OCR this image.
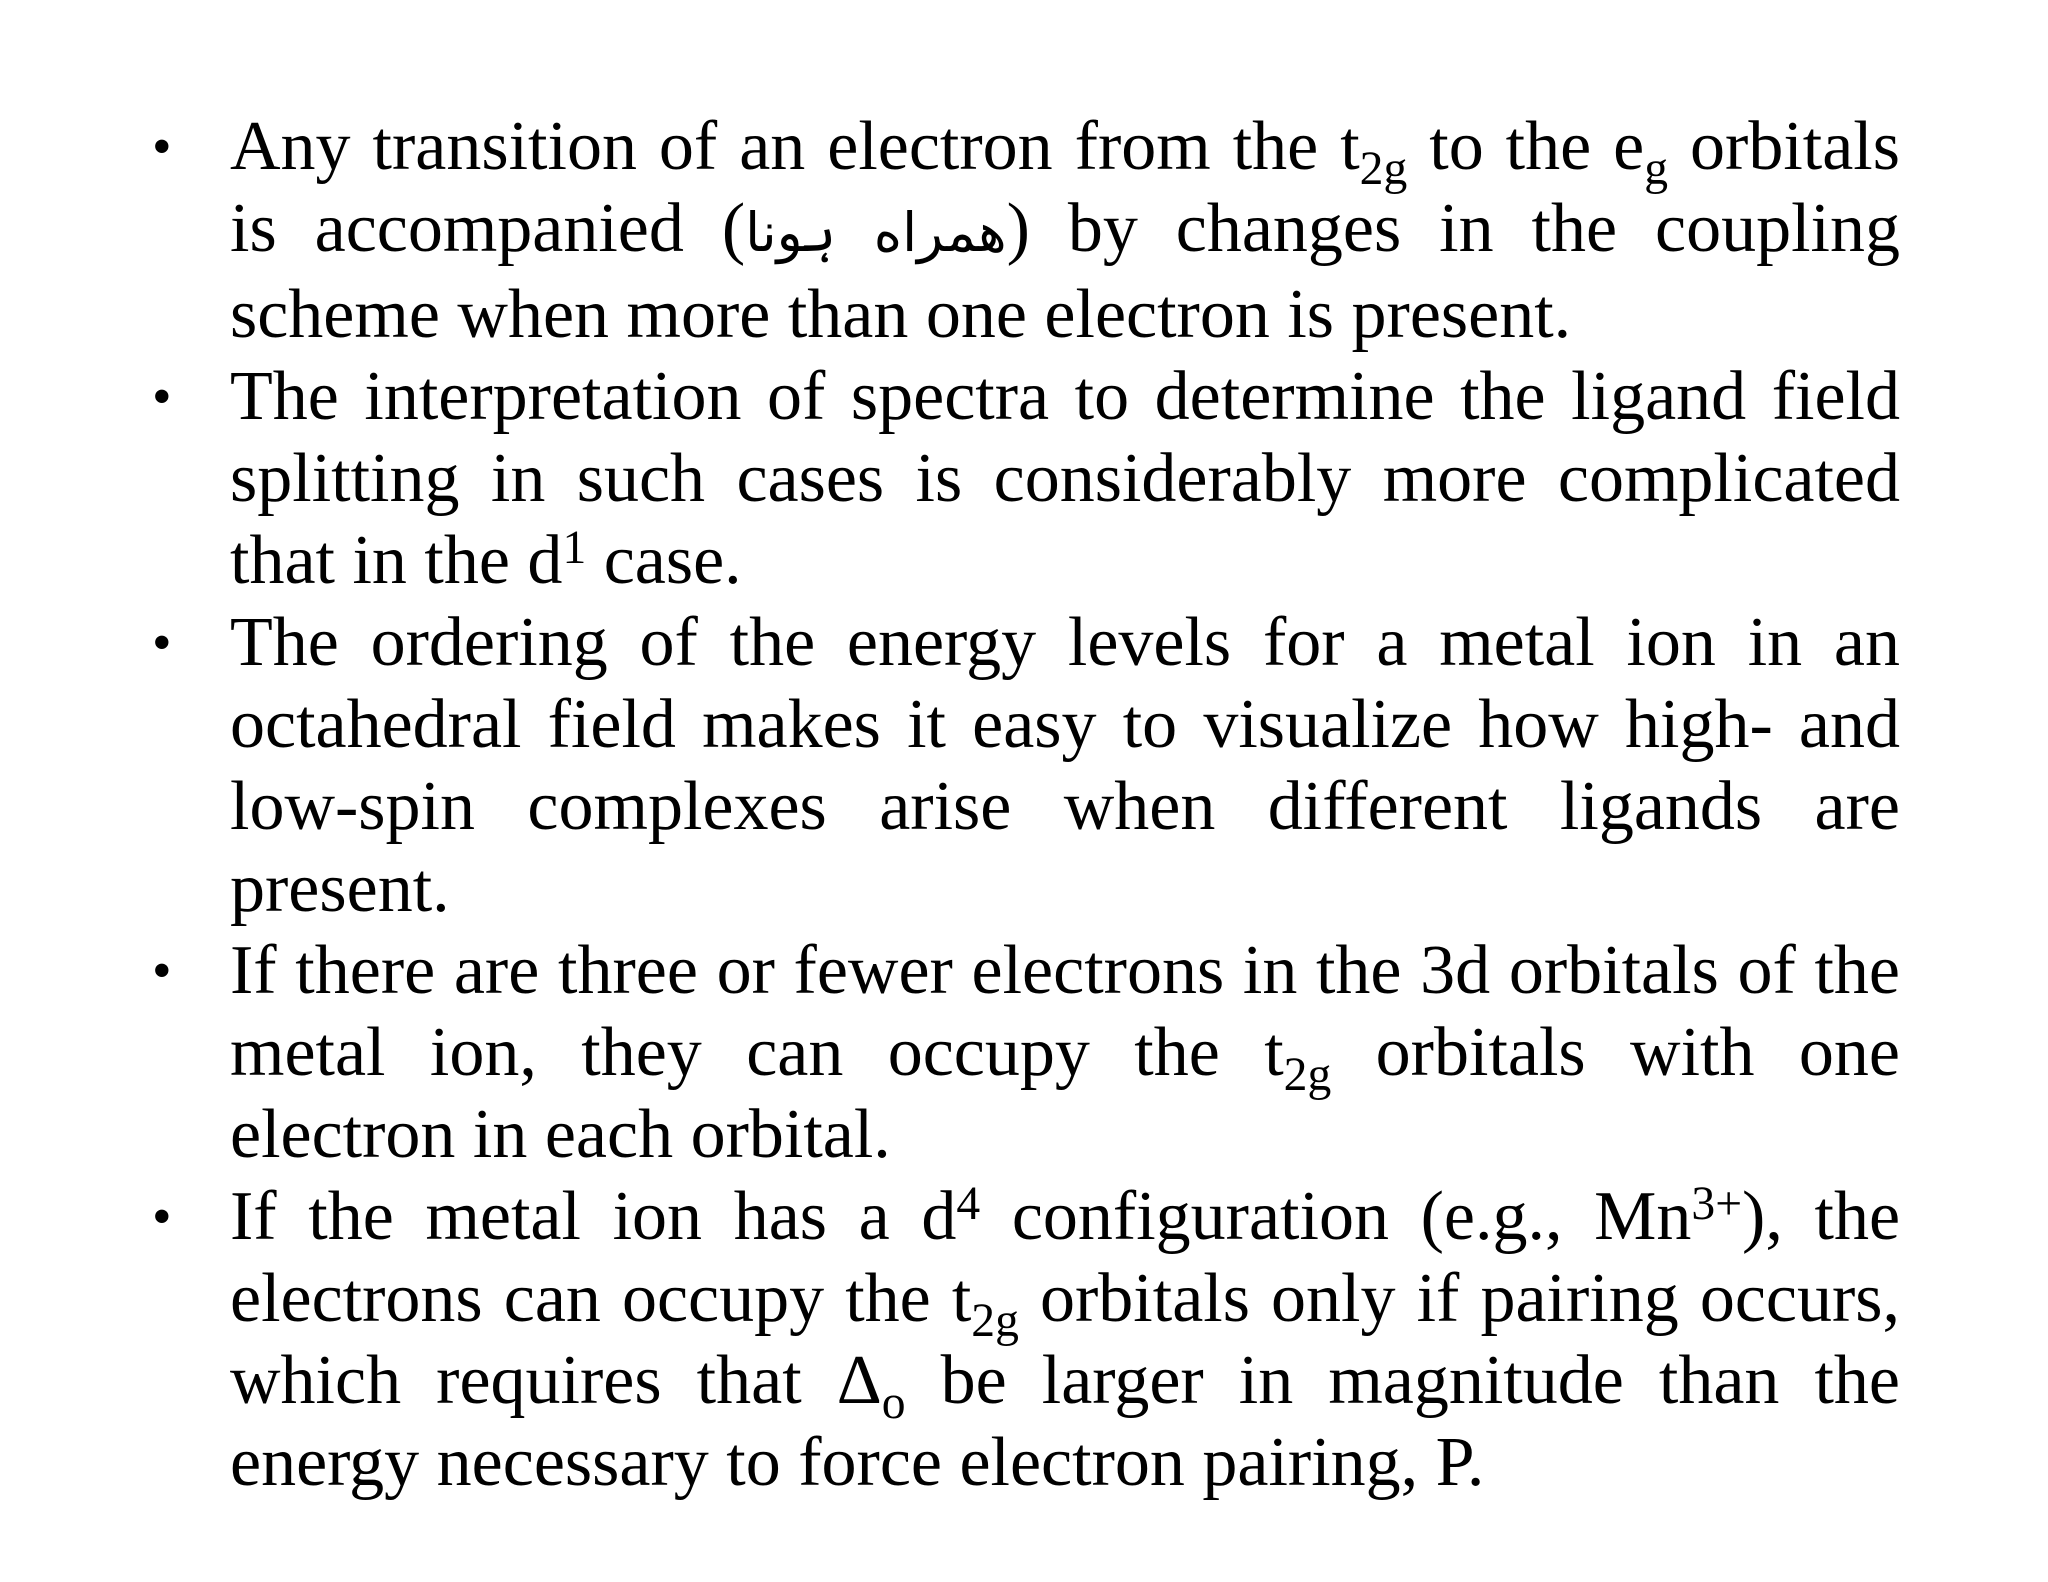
• Any transition of an electron from the $t_{2g}$ to the $e_g$ orbitals is accompanied (همراه ہونا) by changes in the coupling scheme when more than one electron is present.
• The interpretation of spectra to determine the ligand field splitting in such cases is considerably more complicated that in the $d^1$ case.
• The ordering of the energy levels for a metal ion in an octahedral field makes it easy to visualize how high- and low-spin complexes arise when different ligands are present.
• If there are three or fewer electrons in the 3d orbitals of the metal ion, they can occupy the $t_{2g}$ orbitals with one electron in each orbital.
• If the metal ion has a $d^4$ configuration (e.g., $Mn^{3+}$), the electrons can occupy the $t_{2g}$ orbitals only if pairing occurs, which requires that $\Delta_o$ be larger in magnitude than the energy necessary to force electron pairing, P.
